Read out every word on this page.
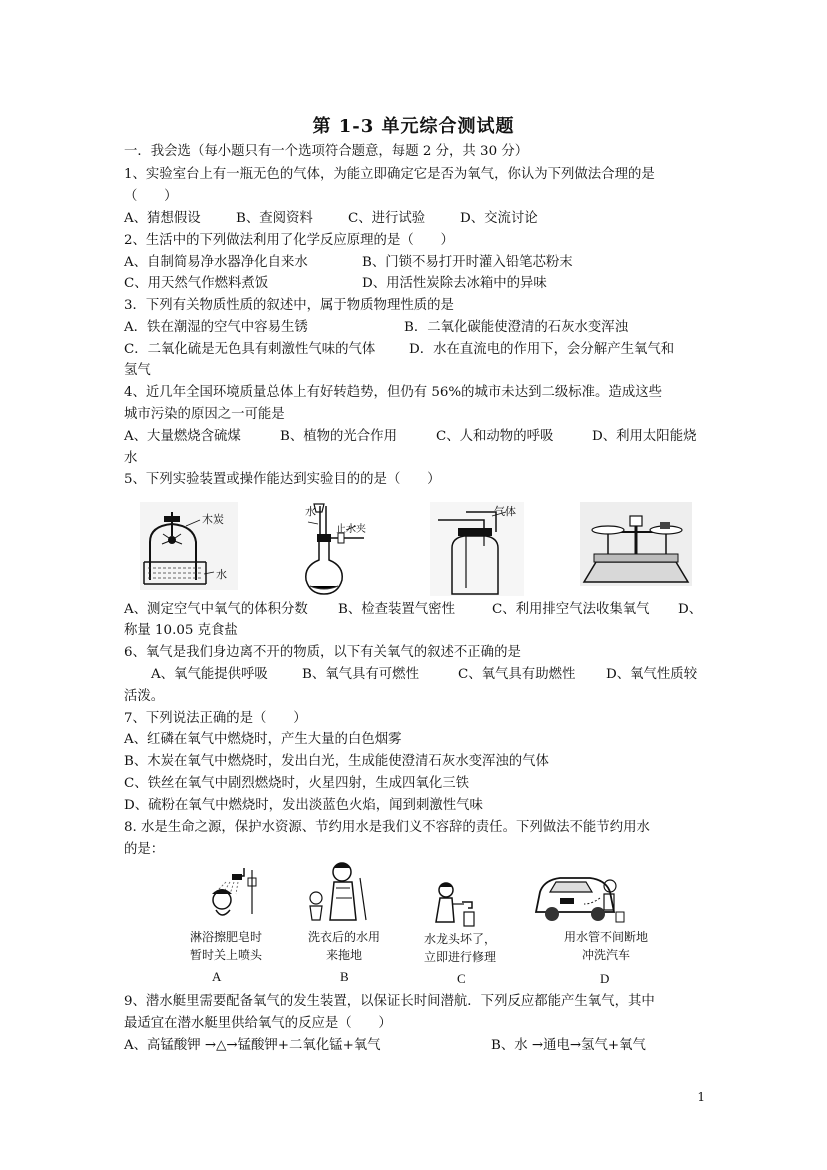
第 1-3 单元综合测试题
一．我会选（每小题只有一个选项符合题意，每题 2 分，共 30 分）
1、实验室台上有一瓶无色的气体，为能立即确定它是否为氧气，你认为下列做法合理的是
（　　）
A、猜想假设	B、查阅资料	C、进行试验	D、交流讨论
2、生活中的下列做法利用了化学反应原理的是（　　）
A、自制简易净水器净化自来水	B、门锁不易打开时灌入铅笔芯粉末
C、用天然气作燃料煮饭	D、用活性炭除去冰箱中的异味
3．下列有关物质性质的叙述中，属于物质物理性质的是
A．铁在潮湿的空气中容易生锈	B．二氧化碳能使澄清的石灰水变浑浊
C．二氧化硫是无色具有刺激性气味的气体	D．水在直流电的作用下，会分解产生氧气和
氢气
4、近几年全国环境质量总体上有好转趋势，但仍有 56%的城市未达到二级标准。造成这些
城市污染的原因之一可能是
A、大量燃烧含硫煤	B、植物的光合作用	C、人和动物的呼吸	D、利用太阳能烧
水
5、下列实验装置或操作能达到实验目的的是（　　）
木炭
水
水
止水夹
气体
A、测定空气中氧气的体积分数 B、检查装置气密性	C、利用排空气法收集氧气 D、
称量 10.05 克食盐
6、氧气是我们身边离不开的物质，以下有关氧气的叙述不正确的是
A、氧气能提供呼吸	B、氧气具有可燃性	C、氧气具有助燃性 D、氧气性质较
活泼。
7、下列说法正确的是（　　）
A、红磷在氧气中燃烧时，产生大量的白色烟雾
B、木炭在氧气中燃烧时，发出白光，生成能使澄清石灰水变浑浊的气体
C、铁丝在氧气中剧烈燃烧时，火星四射，生成四氧化三铁
D、硫粉在氧气中燃烧时，发出淡蓝色火焰，闻到刺激性气味
8. 水是生命之源，保护水资源、节约用水是我们义不容辞的责任。下列做法不能节约用水
的是：
淋浴擦肥皂时
暂时关上喷头
A
洗衣后的水用
来拖地
B
水龙头坏了，
立即进行修理
C
用水管不间断地
冲洗汽车
D
9、潜水艇里需要配备氧气的发生装置，以保证长时间潜航．下列反应都能产生氧气，其中
最适宜在潜水艇里供给氧气的反应是（　　）
A、高锰酸钾 →△→锰酸钾+二氧化锰+氧气	B、水 →通电→氢气+氧气
1
